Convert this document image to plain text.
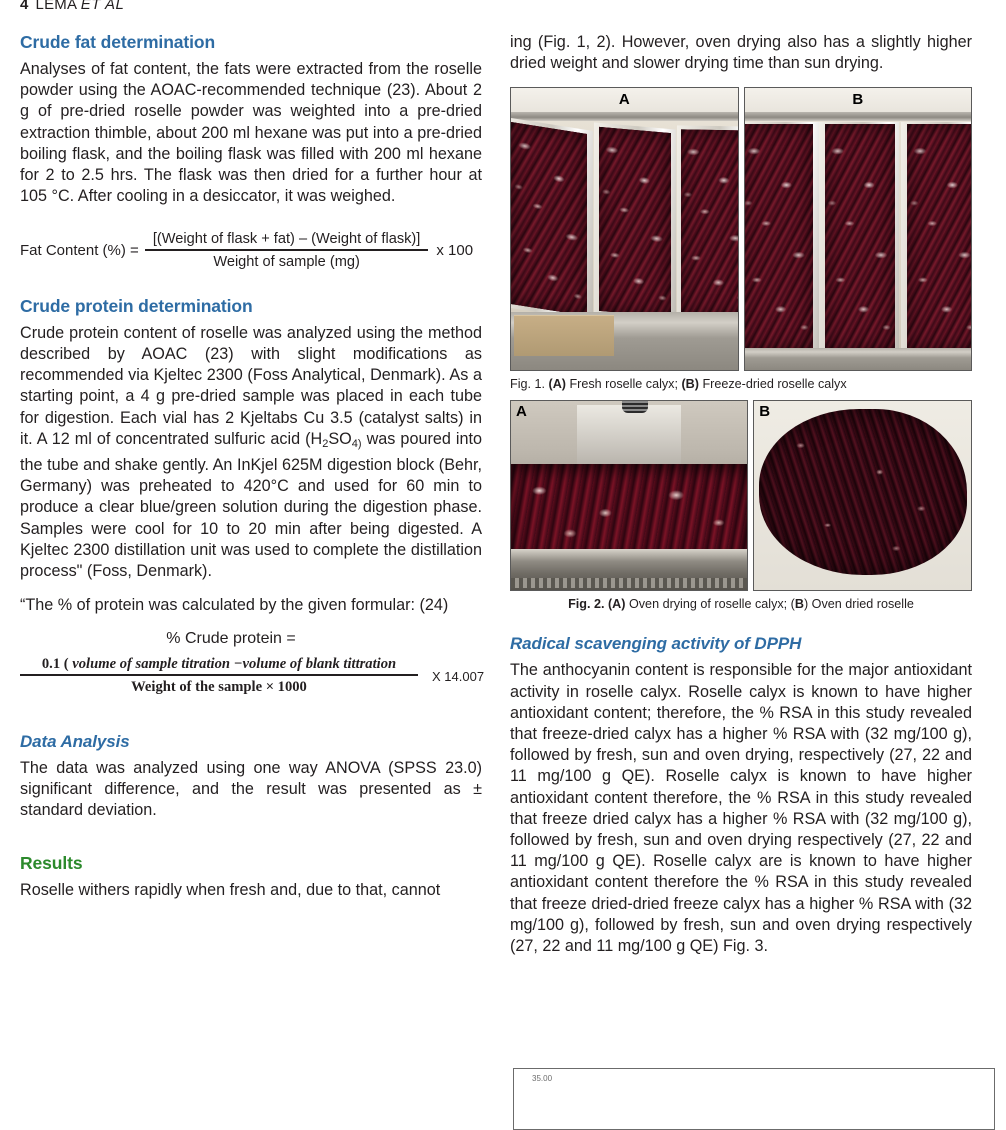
4 LEMA ET AL
Crude fat determination

Analyses of fat content, the fats were extracted from the roselle powder using the AOAC-recommended technique (23). About 2 g of pre-dried roselle powder was weighted into a pre-dried extraction thimble, about 200 ml hexane was put into a pre-dried boiling flask, and the boiling flask was filled with 200 ml hexane for 2 to 2.5 hrs. The flask was then dried for a further hour at 105 °C. After cooling in a desiccator, it was weighed.

Fat Content (%) = $\frac{\text{[(Weight of flask + fat) – (Weight of flask)]}}{\text{Weight of sample (mg)}}$ x 100
Crude protein determination

Crude protein content of roselle was analyzed using the method described by AOAC (23) with slight modifications as recommended via Kjeltec 2300 (Foss Analytical, Denmark). As a starting point, a 4 g pre-dried sample was placed in each tube for digestion. Each vial has 2 Kjeltabs Cu 3.5 (catalyst salts) in it. A 12 ml of concentrated sulfuric acid ($H_2SO_{4)}$ was poured into the tube and shake gently. An InKjel 625M digestion block (Behr, Germany) was preheated to 420°C and used for 60 min to produce a clear blue/green solution during the digestion phase. Samples were cool for 10 to 20 min after being digested. A Kjeltec 2300 distillation unit was used to complete the distillation process" (Foss, Denmark).

“The % of protein was calculated by the given formular: (24)

% Crude protein =
$\frac{\text{0.1 ( volume of sample titration −volume of blank tittration}}{\text{Weight of the sample × 1000}}$	X 14.007
Data Analysis

The data was analyzed using one way ANOVA (SPSS 23.0) significant difference, and the result was presented as ± standard deviation.

Results

Roselle withers rapidly when fresh and, due to that, cannot

ing (Fig. 1, 2). However, oven drying also has a slightly higher dried weight and slower drying time than sun drying.

A	B

Fig. 1. (A) Fresh roselle calyx; (B) Freeze-dried roselle calyx

A	B

Fig. 2. (A) Oven drying of roselle calyx; (B) Oven dried roselle

Radical scavenging activity of DPPH

The anthocyanin content is responsible for the major antioxidant activity in roselle calyx. Roselle calyx is known to have higher antioxidant content; therefore, the % RSA in this study revealed that freeze-dried calyx has a higher % RSA with (32 mg/100 g), followed by fresh, sun and oven drying, respectively (27, 22 and 11 mg/100 g QE). Roselle calyx is known to have higher antioxidant content therefore, the % RSA in this study revealed that freeze dried calyx has a higher % RSA with (32 mg/100 g), followed by fresh, sun and oven drying respectively (27, 22 and 11 mg/100 g QE). Roselle calyx are is known to have higher antioxidant content therefore the % RSA in this study revealed that freeze dried-dried freeze calyx has a higher % RSA with (32 mg/100 g), followed by fresh, sun and oven drying respectively (27, 22 and 11 mg/100 g QE) Fig. 3.

35.00
